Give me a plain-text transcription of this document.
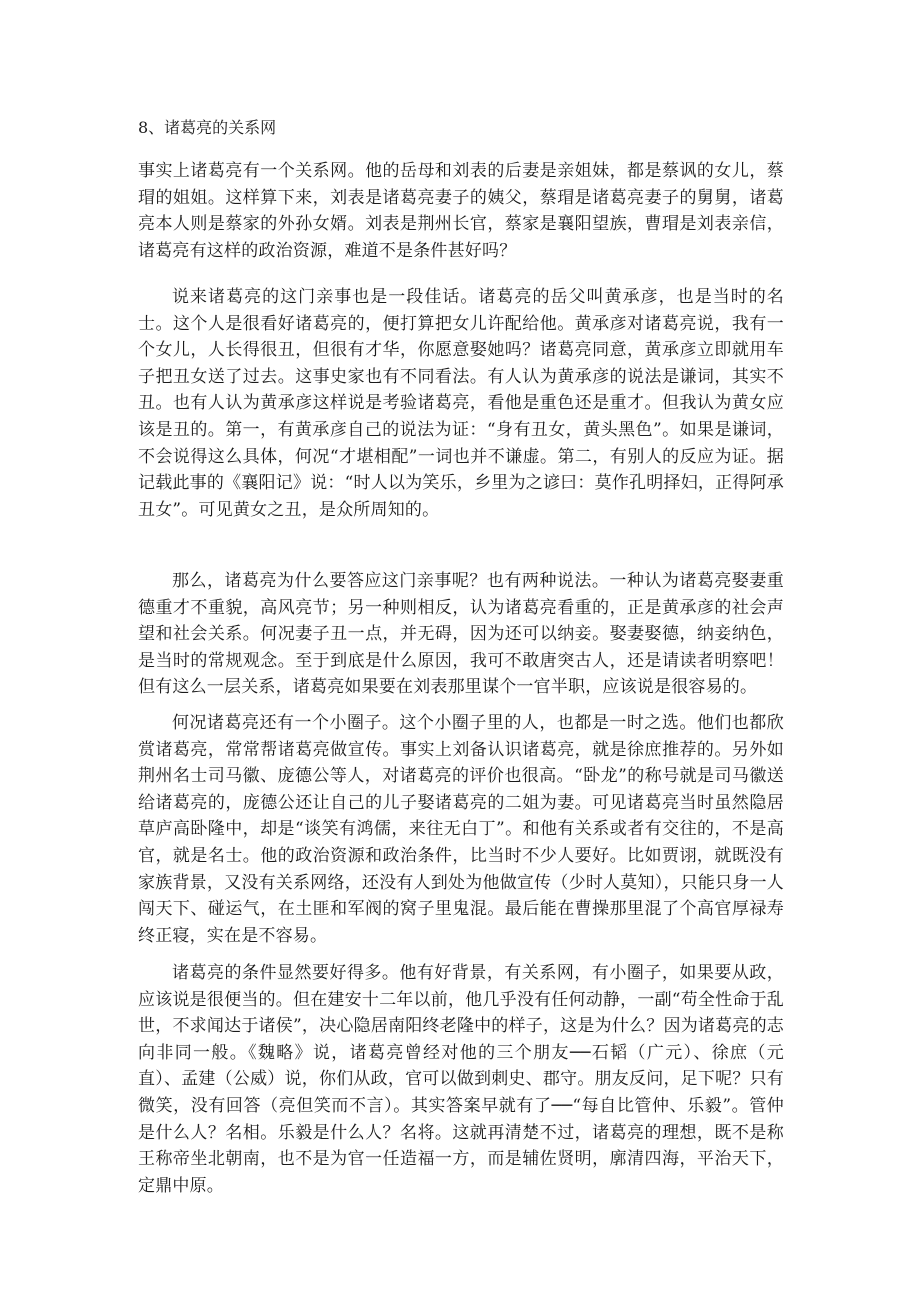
8、诸葛亮的关系网

事实上诸葛亮有一个关系网。他的岳母和刘表的后妻是亲姐妹，都是蔡讽的女儿，蔡瑁的姐姐。这样算下来，刘表是诸葛亮妻子的姨父，蔡瑁是诸葛亮妻子的舅舅，诸葛亮本人则是蔡家的外孙女婿。刘表是荆州长官，蔡家是襄阳望族，曹瑁是刘表亲信，诸葛亮有这样的政治资源，难道不是条件甚好吗？

说来诸葛亮的这门亲事也是一段佳话。诸葛亮的岳父叫黄承彦，也是当时的名士。这个人是很看好诸葛亮的，便打算把女儿许配给他。黄承彦对诸葛亮说，我有一个女儿，人长得很丑，但很有才华，你愿意娶她吗？诸葛亮同意，黄承彦立即就用车子把丑女送了过去。这事史家也有不同看法。有人认为黄承彦的说法是谦词，其实不丑。也有人认为黄承彦这样说是考验诸葛亮，看他是重色还是重才。但我认为黄女应该是丑的。第一，有黄承彦自己的说法为证：“身有丑女，黄头黑色”。如果是谦词，不会说得这么具体，何况“才堪相配”一词也并不谦虚。第二，有别人的反应为证。据记载此事的《襄阳记》说：“时人以为笑乐，乡里为之谚曰：莫作孔明择妇，正得阿承丑女”。可见黄女之丑，是众所周知的。

那么，诸葛亮为什么要答应这门亲事呢？也有两种说法。一种认为诸葛亮娶妻重德重才不重貌，高风亮节；另一种则相反，认为诸葛亮看重的，正是黄承彦的社会声望和社会关系。何况妻子丑一点，并无碍，因为还可以纳妾。娶妻娶德，纳妾纳色，是当时的常规观念。至于到底是什么原因，我可不敢唐突古人，还是请读者明察吧！但有这么一层关系，诸葛亮如果要在刘表那里谋个一官半职，应该说是很容易的。

何况诸葛亮还有一个小圈子。这个小圈子里的人，也都是一时之选。他们也都欣赏诸葛亮，常常帮诸葛亮做宣传。事实上刘备认识诸葛亮，就是徐庶推荐的。另外如荆州名士司马徽、庞德公等人，对诸葛亮的评价也很高。“卧龙”的称号就是司马徽送给诸葛亮的，庞德公还让自己的儿子娶诸葛亮的二姐为妻。可见诸葛亮当时虽然隐居草庐高卧隆中，却是“谈笑有鸿儒，来往无白丁”。和他有关系或者有交往的，不是高官，就是名士。他的政治资源和政治条件，比当时不少人要好。比如贾诩，就既没有家族背景，又没有关系网络，还没有人到处为他做宣传（少时人莫知），只能只身一人闯天下、碰运气，在土匪和军阀的窝子里鬼混。最后能在曹操那里混了个高官厚禄寿终正寝，实在是不容易。

诸葛亮的条件显然要好得多。他有好背景，有关系网，有小圈子，如果要从政，应该说是很便当的。但在建安十二年以前，他几乎没有任何动静，一副“苟全性命于乱世，不求闻达于诸侯”，决心隐居南阳终老隆中的样子，这是为什么？因为诸葛亮的志向非同一般。《魏略》说，诸葛亮曾经对他的三个朋友──石韬（广元）、徐庶（元直）、孟建（公威）说，你们从政，官可以做到刺史、郡守。朋友反问，足下呢？只有微笑，没有回答（亮但笑而不言）。其实答案早就有了──“每自比管仲、乐毅”。管仲是什么人？名相。乐毅是什么人？名将。这就再清楚不过，诸葛亮的理想，既不是称王称帝坐北朝南，也不是为官一任造福一方，而是辅佐贤明，廓清四海，平治天下，定鼎中原。
